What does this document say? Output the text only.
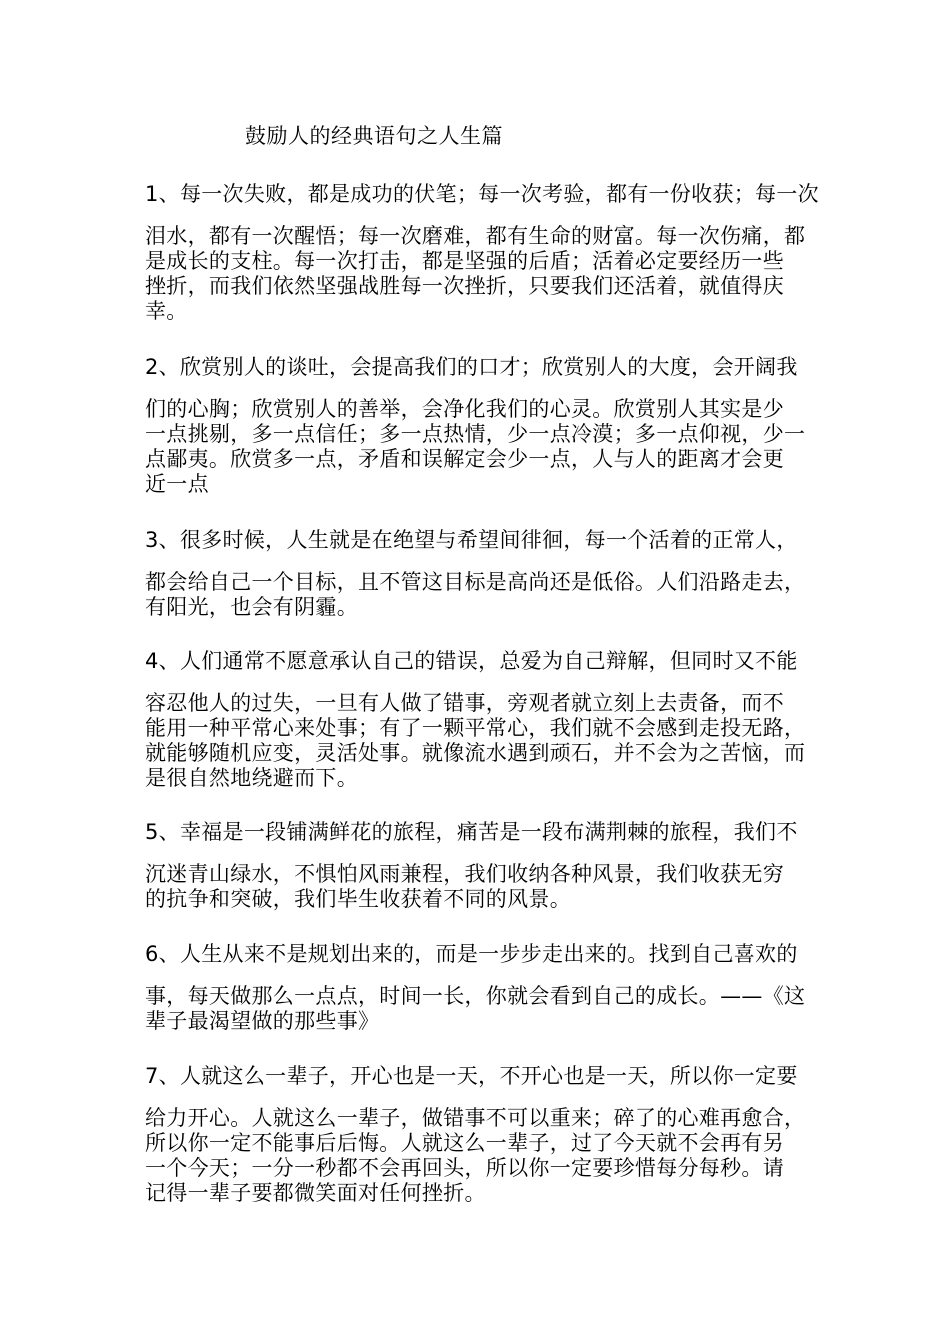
鼓励人的经典语句之人生篇
1、每一次失败，都是成功的伏笔；每一次考验，都有一份收获；每一次
泪水，都有一次醒悟；每一次磨难，都有生命的财富。每一次伤痛，都
是成长的支柱。每一次打击，都是坚强的后盾；活着必定要经历一些
挫折，而我们依然坚强战胜每一次挫折，只要我们还活着，就值得庆
幸。
2、欣赏别人的谈吐，会提高我们的口才；欣赏别人的大度，会开阔我
们的心胸；欣赏别人的善举，会净化我们的心灵。欣赏别人其实是少
一点挑剔，多一点信任；多一点热情，少一点冷漠；多一点仰视，少一
点鄙夷。欣赏多一点，矛盾和误解定会少一点，人与人的距离才会更
近一点
3、很多时候，人生就是在绝望与希望间徘徊，每一个活着的正常人，
都会给自己一个目标，且不管这目标是高尚还是低俗。人们沿路走去，
有阳光，也会有阴霾。
4、人们通常不愿意承认自己的错误，总爱为自己辩解，但同时又不能
容忍他人的过失，一旦有人做了错事，旁观者就立刻上去责备，而不
能用一种平常心来处事；有了一颗平常心，我们就不会感到走投无路，
就能够随机应变，灵活处事。就像流水遇到顽石，并不会为之苦恼，而
是很自然地绕避而下。
5、幸福是一段铺满鲜花的旅程，痛苦是一段布满荆棘的旅程，我们不
沉迷青山绿水，不惧怕风雨兼程，我们收纳各种风景，我们收获无穷
的抗争和突破，我们毕生收获着不同的风景。
6、人生从来不是规划出来的，而是一步步走出来的。找到自己喜欢的
事，每天做那么一点点，时间一长，你就会看到自己的成长。——《这
辈子最渴望做的那些事》
7、人就这么一辈子，开心也是一天，不开心也是一天，所以你一定要
给力开心。人就这么一辈子，做错事不可以重来；碎了的心难再愈合，
所以你一定不能事后后悔。人就这么一辈子，过了今天就不会再有另
一个今天；一分一秒都不会再回头，所以你一定要珍惜每分每秒。请
记得一辈子要都微笑面对任何挫折。
